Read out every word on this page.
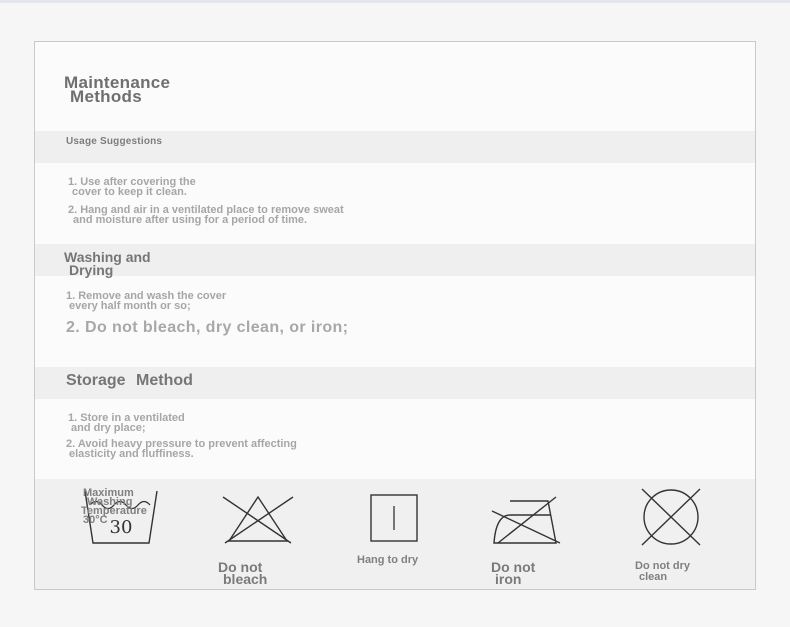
Maintenance
Methods
Usage Suggestions
1. Use after covering the
cover to keep it clean.
2. Hang and air in a ventilated place to remove sweat
and moisture after using for a period of time.
Washing and
Drying
1. Remove and wash the cover
every half month or so;
2. Do not bleach, dry clean, or iron;
Storage Method
1. Store in a ventilated
and dry place;
2. Avoid heavy pressure to prevent affecting
elasticity and fluffiness.
30
Maximum
Washing
Temperature
30°C
Do not
bleach
Hang to dry	Do not
iron
Do not dry
clean
